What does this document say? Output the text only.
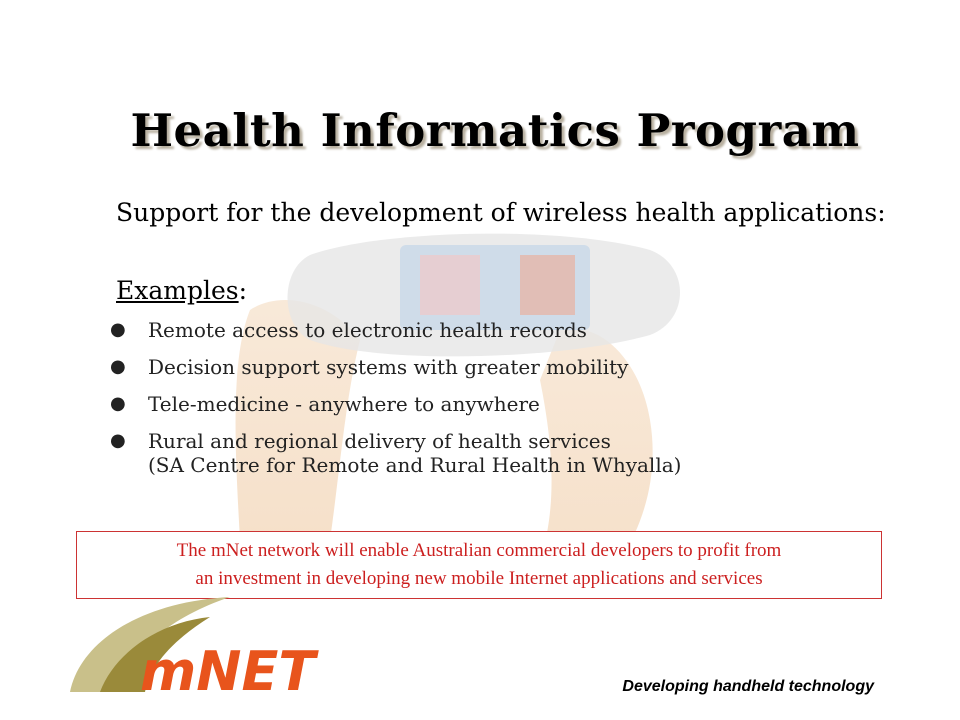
Health Informatics Program
Support for the development of wireless health applications:
Examples:
● Remote access to electronic health records
● Decision support systems with greater mobility
● Tele-medicine - anywhere to anywhere
● Rural and regional delivery of health services
(SA Centre for Remote and Rural Health in Whyalla)
The mNet network will enable Australian commercial developers to profit from
an investment in developing new mobile Internet applications and services
mNET	Developing handheld technology
